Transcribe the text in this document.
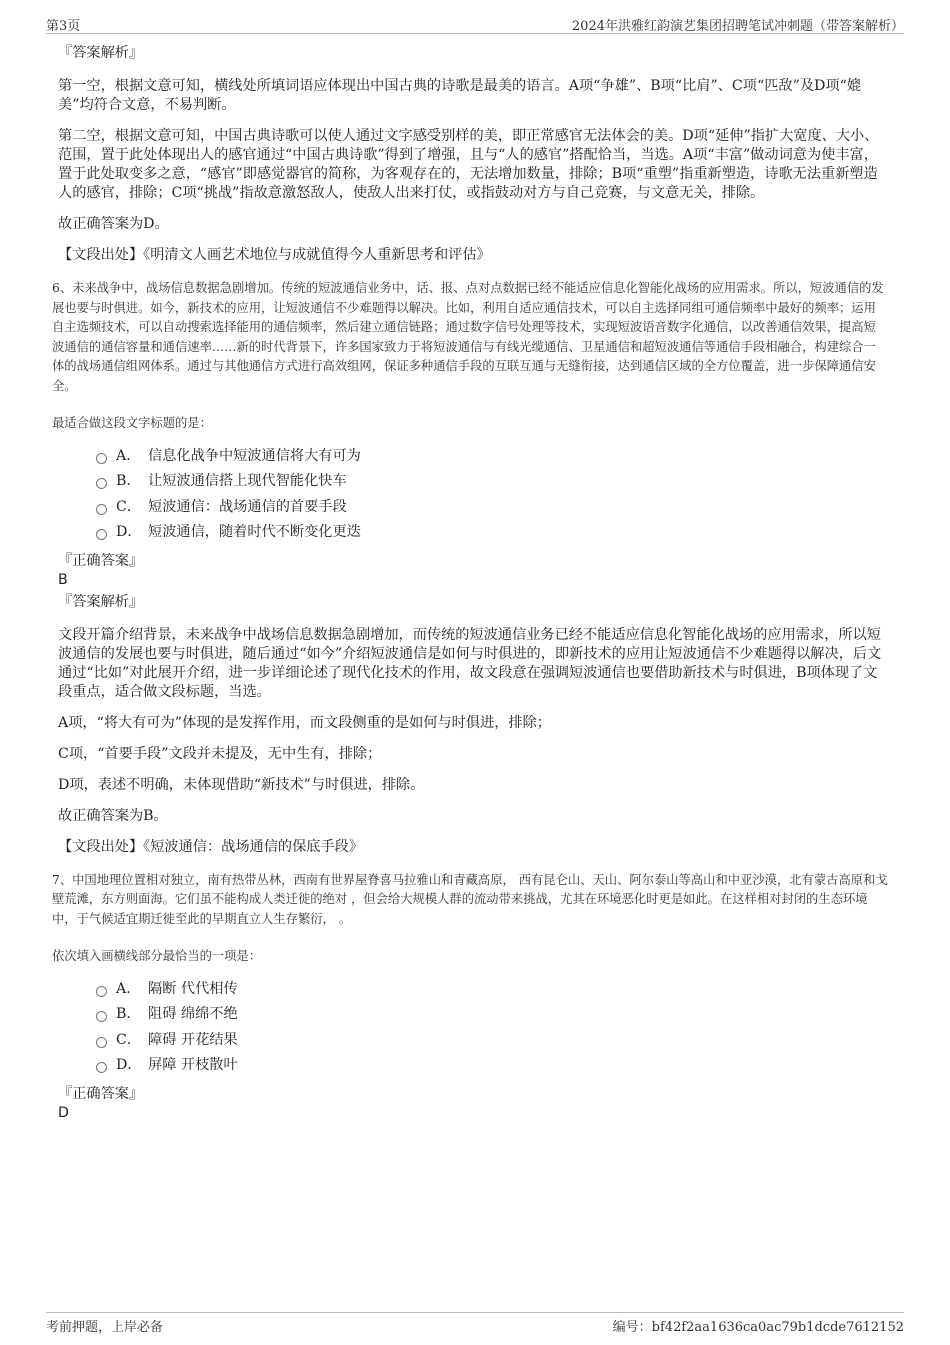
第3页	2024年洪雅红韵演艺集团招聘笔试冲刺题（带答案解析）

『答案解析』

第一空，根据文意可知，横线处所填词语应体现出中国古典的诗歌是最美的语言。A项“争雄”、B项“比肩”、C项“匹敌”及D项“媲美”均符合文意，不易判断。

第二空，根据文意可知，中国古典诗歌可以使人通过文字感受别样的美，即正常感官无法体会的美。D项“延伸”指扩大宽度、大小、范围，置于此处体现出人的感官通过“中国古典诗歌”得到了增强，且与“人的感官”搭配恰当，当选。A项“丰富”做动词意为使丰富，置于此处取变多之意，“感官”即感觉器官的简称，为客观存在的，无法增加数量，排除；B项“重塑”指重新塑造，诗歌无法重新塑造人的感官，排除；C项“挑战”指故意激怒敌人，使敌人出来打仗，或指鼓动对方与自己竞赛，与文意无关，排除。

故正确答案为D。

【文段出处】《明清文人画艺术地位与成就值得今人重新思考和评估》

6、未来战争中，战场信息数据急剧增加。传统的短波通信业务中，话、报、点对点数据已经不能适应信息化智能化战场的应用需求。所以，短波通信的发展也要与时俱进。如今，新技术的应用，让短波通信不少难题得以解决。比如，利用自适应通信技术，可以自主选择同组可通信频率中最好的频率；运用自主选频技术，可以自动搜索选择能用的通信频率，然后建立通信链路；通过数字信号处理等技术，实现短波语音数字化通信，以改善通信效果，提高短波通信的通信容量和通信速率……新的时代背景下，许多国家致力于将短波通信与有线光缆通信、卫星通信和超短波通信等通信手段相融合，构建综合一体的战场通信组网体系。通过与其他通信方式进行高效组网，保证多种通信手段的互联互通与无缝衔接，达到通信区域的全方位覆盖，进一步保障通信安全。

最适合做这段文字标题的是：

A． 信息化战争中短波通信将大有可为
B． 让短波通信搭上现代智能化快车
C． 短波通信：战场通信的首要手段
D． 短波通信，随着时代不断变化更迭

『正确答案』

B

『答案解析』

文段开篇介绍背景，未来战争中战场信息数据急剧增加，而传统的短波通信业务已经不能适应信息化智能化战场的应用需求，所以短波通信的发展也要与时俱进，随后通过“如今”介绍短波通信是如何与时俱进的，即新技术的应用让短波通信不少难题得以解决，后文通过“比如”对此展开介绍，进一步详细论述了现代化技术的作用，故文段意在强调短波通信也要借助新技术与时俱进，B项体现了文段重点，适合做文段标题，当选。

A项，“将大有可为”体现的是发挥作用，而文段侧重的是如何与时俱进，排除；

C项，“首要手段”文段并未提及，无中生有，排除；

D项，表述不明确，未体现借助“新技术”与时俱进，排除。

故正确答案为B。

【文段出处】《短波通信：战场通信的保底手段》

7、中国地理位置相对独立，南有热带丛林，西南有世界屋脊喜马拉雅山和青藏高原， 西有昆仑山、天山、阿尔泰山等高山和中亚沙漠，北有蒙古高原和戈壁荒滩，东方则面海。它们虽不能构成人类迁徙的绝对 ，但会给大规模人群的流动带来挑战，尤其在环境恶化时更是如此。在这样相对封闭的生态环境中，于气候适宜期迁徙至此的早期直立人生存繁衍， 。

依次填入画横线部分最恰当的一项是：

A． 隔断 代代相传
B． 阻碍 绵绵不绝
C． 障碍 开花结果
D． 屏障 开枝散叶

『正确答案』

D

考前押题，上岸必备	编号：bf42f2aa1636ca0ac79b1dcde7612152
